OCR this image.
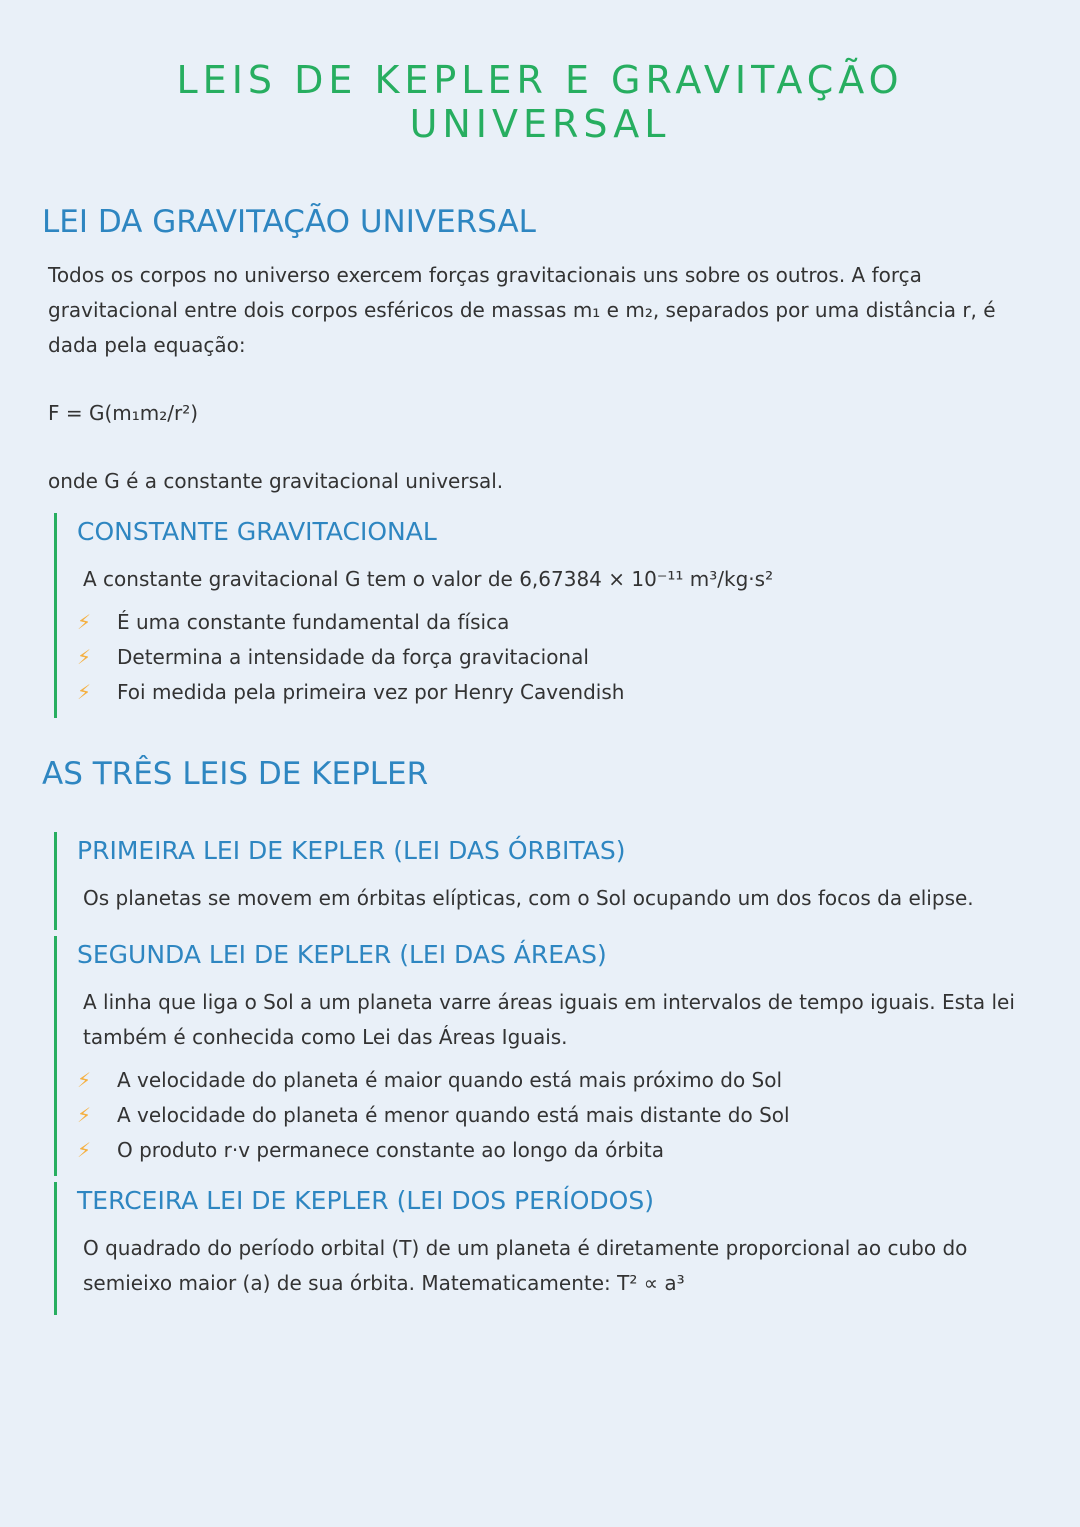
LEIS DE KEPLER E GRAVITAÇÃO UNIVERSAL
LEI DA GRAVITAÇÃO UNIVERSAL

Todos os corpos no universo exercem forças gravitacionais uns sobre os outros. A força gravitacional entre dois corpos esféricos de massas m₁ e m₂, separados por uma distância r, é dada pela equação:

F = G(m₁m₂/r²)

onde G é a constante gravitacional universal.

CONSTANTE GRAVITACIONAL

A constante gravitacional G tem o valor de 6,67384 × 10⁻¹¹ m³/kg·s²

⚡	É uma constante fundamental da física
⚡	Determina a intensidade da força gravitacional
⚡	Foi medida pela primeira vez por Henry Cavendish
AS TRÊS LEIS DE KEPLER
PRIMEIRA LEI DE KEPLER (LEI DAS ÓRBITAS)

Os planetas se movem em órbitas elípticas, com o Sol ocupando um dos focos da elipse.

SEGUNDA LEI DE KEPLER (LEI DAS ÁREAS)

A linha que liga o Sol a um planeta varre áreas iguais em intervalos de tempo iguais. Esta lei também é conhecida como Lei das Áreas Iguais.

⚡	A velocidade do planeta é maior quando está mais próximo do Sol
⚡	A velocidade do planeta é menor quando está mais distante do Sol
⚡	O produto r·v permanece constante ao longo da órbita
TERCEIRA LEI DE KEPLER (LEI DOS PERÍODOS)

O quadrado do período orbital (T) de um planeta é diretamente proporcional ao cubo do semieixo maior (a) de sua órbita. Matematicamente: T² ∝ a³
